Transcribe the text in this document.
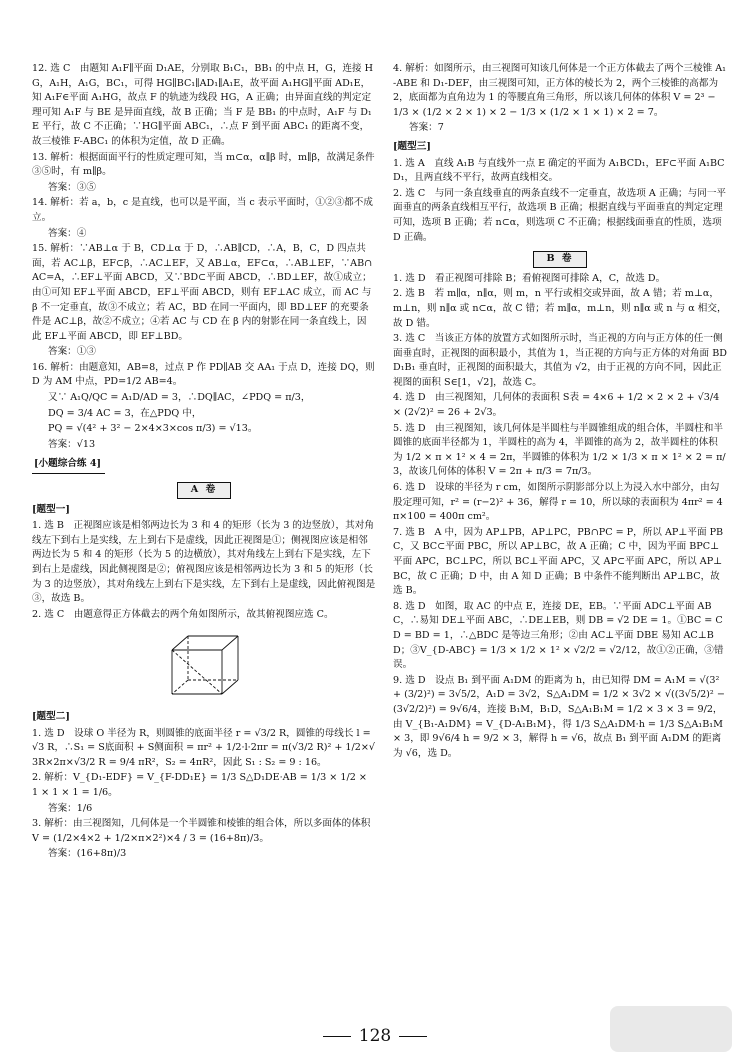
12. 选 C　由题知 A₁F∥平面 D₁AE，分别取 B₁C₁，BB₁ 的中点 H，G，连接 HG，A₁H，A₁G，BC₁，可得 HG∥BC₁∥AD₁∥A₁E，故平面 A₁HG∥平面 AD₁E，知 A₁F∈平面 A₁HG，故点 F 的轨迹为线段 HG，A 正确；由异面直线的判定定理可知 A₁F 与 BE 是异面直线，故 B 正确；当 F 是 BB₁ 的中点时，A₁F 与 D₁E 平行，故 C 不正确；∵HG∥平面 ABC₁，∴点 F 到平面 ABC₁ 的距离不变，故三棱锥 F-ABC₁ 的体积为定值，故 D 正确。

13. 解析：根据面面平行的性质定理可知，当 m⊂α，α∥β 时，m∥β，故满足条件③⑤时，有 m∥β。

答案：③⑤

14. 解析：若 a，b，c 是直线，也可以是平面，当 c 表示平面时，①②③都不成立。

答案：④

15. 解析：∵AB⊥α 于 B，CD⊥α 于 D，∴AB∥CD，∴A，B，C，D 四点共面，若 AC⊥β，EF⊂β，∴AC⊥EF，又 AB⊥α，EF⊂α，∴AB⊥EF，∵AB∩AC=A，∴EF⊥平面 ABCD，又∵BD⊂平面 ABCD，∴BD⊥EF，故①成立；由①可知 EF⊥平面 ABCD，EF⊥平面 ABCD，则有 EF⊥AC 成立，而 AC 与 β 不一定垂直，故③不成立；若 AC，BD 在同一平面内，即 BD⊥EF 的充要条件是 AC⊥β，故②不成立；④若 AC 与 CD 在 β 内的射影在同一条直线上，因此 EF⊥平面 ABCD，即 EF⊥BD。

答案：①③

16. 解析：由题意知，AB=8，过点 P 作 PD∥AB 交 AA₁ 于点 D，连接 DQ，则 D 为 AM 中点，PD=1/2 AB=4。

又∵ A₁Q/QC = A₁D/AD = 3，∴DQ∥AC，∠PDQ = π/3，

DQ = 3/4 AC = 3，在△PDQ 中，

PQ = √(4² + 3² − 2×4×3×cos π/3) = √13。

答案：√13

[小题综合练 4]
A 卷
[题型一]

1. 选 B　正视图应该是相邻两边长为 3 和 4 的矩形（长为 3 的边竖放），其对角线左下到右上是实线，左上到右下是虚线，因此正视图是①；侧视图应该是相邻两边长为 5 和 4 的矩形（长为 5 的边横放），其对角线左上到右下是实线，左下到右上是虚线，因此侧视图是②；俯视图应该是相邻两边长为 3 和 5 的矩形（长为 3 的边竖放），其对角线左上到右下是实线，左下到右上是虚线，因此俯视图是③，故选 B。

2. 选 C　由题意得正方体截去的两个角如图所示，故其俯视图应选 C。

[题型二]

1. 选 D　设球 O 半径为 R，则圆锥的底面半径 r = √3/2 R，圆锥的母线长 l = √3 R，∴S₁ = S底面积 + S侧面积 = πr² + 1/2·l·2πr = π(√3/2 R)² + 1/2×√3R×2π×√3/2 R = 9/4 πR²，S₂ = 4πR²，因此 S₁ : S₂ = 9 : 16。

2. 解析：V_{D₁-EDF} = V_{F-DD₁E} = 1/3 S△D₁DE·AB = 1/3 × 1/2 × 1 × 1 × 1 = 1/6。

答案：1/6

3. 解析：由三视图知，几何体是一个半圆锥和棱锥的组合体，所以多面体的体积 V = (1/2×4×2 + 1/2×π×2²)×4 / 3 = (16+8π)/3。

答案：(16+8π)/3

4. 解析：如图所示，由三视图可知该几何体是一个正方体截去了两个三棱锥 A₁-ABE 和 D₁-DEF，由三视图可知，正方体的棱长为 2，两个三棱锥的高都为 2，底面都为直角边为 1 的等腰直角三角形，所以该几何体的体积 V = 2³ − 1/3 × (1/2 × 2 × 1) × 2 − 1/3 × (1/2 × 1 × 1) × 2 = 7。

答案：7

[题型三]

1. 选 A　直线 A₁B 与直线外一点 E 确定的平面为 A₁BCD₁，EF⊂平面 A₁BCD₁，且两直线不平行，故两直线相交。

2. 选 C　与同一条直线垂直的两条直线不一定垂直，故选项 A 正确；与同一平面垂直的两条直线相互平行，故选项 B 正确；根据直线与平面垂直的判定定理可知，选项 B 正确；若 n⊂α，则选项 C 不正确；根据线面垂直的性质，选项 D 正确。

B 卷

1. 选 D　看正视图可排除 B；看俯视图可排除 A，C，故选 D。

2. 选 B　若 m∥α，n∥α，则 m，n 平行或相交或异面，故 A 错；若 m⊥α，m⊥n，则 n∥α 或 n⊂α，故 C 错；若 m∥α，m⊥n，则 n∥α 或 n 与 α 相交，故 D 错。

3. 选 C　当该正方体的放置方式如图所示时，当正视的方向与正方体的任一侧面垂直时，正视图的面积最小，其值为 1，当正视的方向与正方体的对角面 BDD₁B₁ 垂直时，正视图的面积最大，其值为 √2，由于正视的方向不同，因此正视图的面积 S∈[1，√2]，故选 C。

4. 选 D　由三视图知，几何体的表面积 S表 = 4×6 + 1/2 × 2 × 2 + √3/4 × (2√2)² = 26 + 2√3。

5. 选 D　由三视图知，该几何体是半圆柱与半圆锥组成的组合体，半圆柱和半圆锥的底面半径都为 1，半圆柱的高为 4，半圆锥的高为 2，故半圆柱的体积为 1/2 × π × 1² × 4 = 2π，半圆锥的体积为 1/2 × 1/3 × π × 1² × 2 = π/3，故该几何体的体积 V = 2π + π/3 = 7π/3。

6. 选 D　设球的半径为 r cm，如图所示阴影部分以上为浸入水中部分，由勾股定理可知，r² = (r−2)² + 36，解得 r = 10，所以球的表面积为 4πr² = 4π×100 = 400π cm²。

7. 选 B　A 中，因为 AP⊥PB，AP⊥PC，PB∩PC = P，所以 AP⊥平面 PBC，又 BC⊂平面 PBC，所以 AP⊥BC，故 A 正确；C 中，因为平面 BPC⊥平面 APC，BC⊥PC，所以 BC⊥平面 APC，又 AP⊂平面 APC，所以 AP⊥BC，故 C 正确；D 中，由 A 知 D 正确；B 中条件不能判断出 AP⊥BC，故选 B。

8. 选 D　如图，取 AC 的中点 E，连接 DE，EB。∵平面 ADC⊥平面 ABC，∴易知 DE⊥平面 ABC，∴DE⊥EB，则 DB = √2 DE = 1。①BC = CD = BD = 1，∴△BDC 是等边三角形；②由 AC⊥平面 DBE 易知 AC⊥BD；③V_{D-ABC} = 1/3 × 1/2 × 1² × √2/2 = √2/12，故①②正确，③错误。

9. 选 D　设点 B₁ 到平面 A₁DM 的距离为 h，由已知得 DM = A₁M = √(3² + (3/2)²) = 3√5/2，A₁D = 3√2，S△A₁DM = 1/2 × 3√2 × √((3√5/2)² − (3√2/2)²) = 9√6/4，连接 B₁M，B₁D，S△A₁B₁M = 1/2 × 3 × 3 = 9/2，由 V_{B₁-A₁DM} = V_{D-A₁B₁M}，得 1/3 S△A₁DM·h = 1/3 S△A₁B₁M × 3，即 9√6/4 h = 9/2 × 3，解得 h = √6，故点 B₁ 到平面 A₁DM 的距离为 √6，选 D。

128
